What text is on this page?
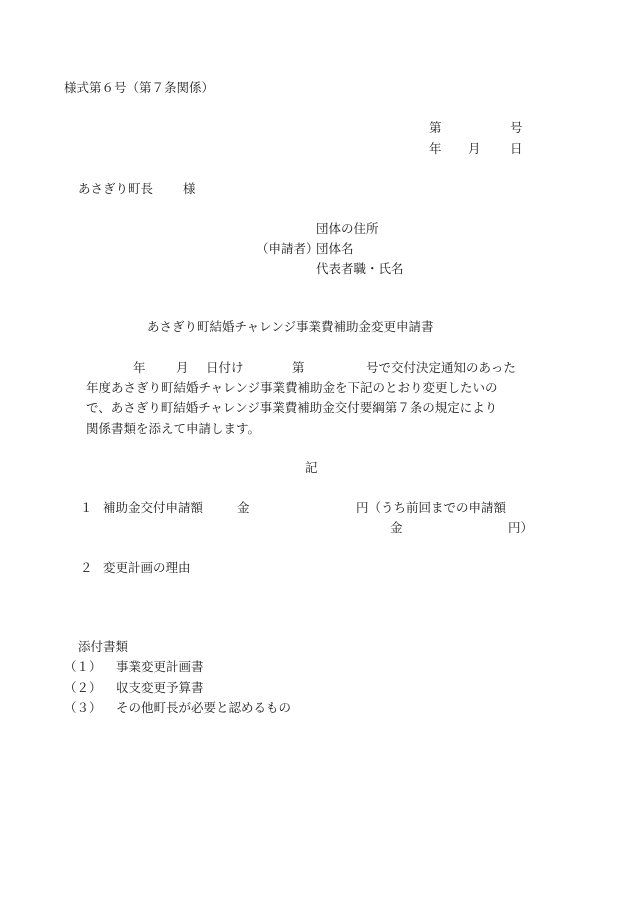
様式第６号（第７条関係）
第	号
年 月 日
あさぎり町長 様
団体の住所
（申請者）
団体名
代表者職・氏名
あさぎり町結婚チャレンジ事業費補助金変更申請書
年 月 日付け	第	号で交付決定通知のあった
年度あさぎり町結婚チャレンジ事業費補助金を下記のとおり変更したいの
で、あさぎり町結婚チャレンジ事業費補助金交付要綱第７条の規定により
関係書類を添えて申請します。
記
１ 補助金交付申請額	金	円（うち前回までの申請額
金	円）
２ 変更計画の理由
添付書類
（１） 事業変更計画書
（２） 収支変更予算書
（３） その他町長が必要と認めるもの
